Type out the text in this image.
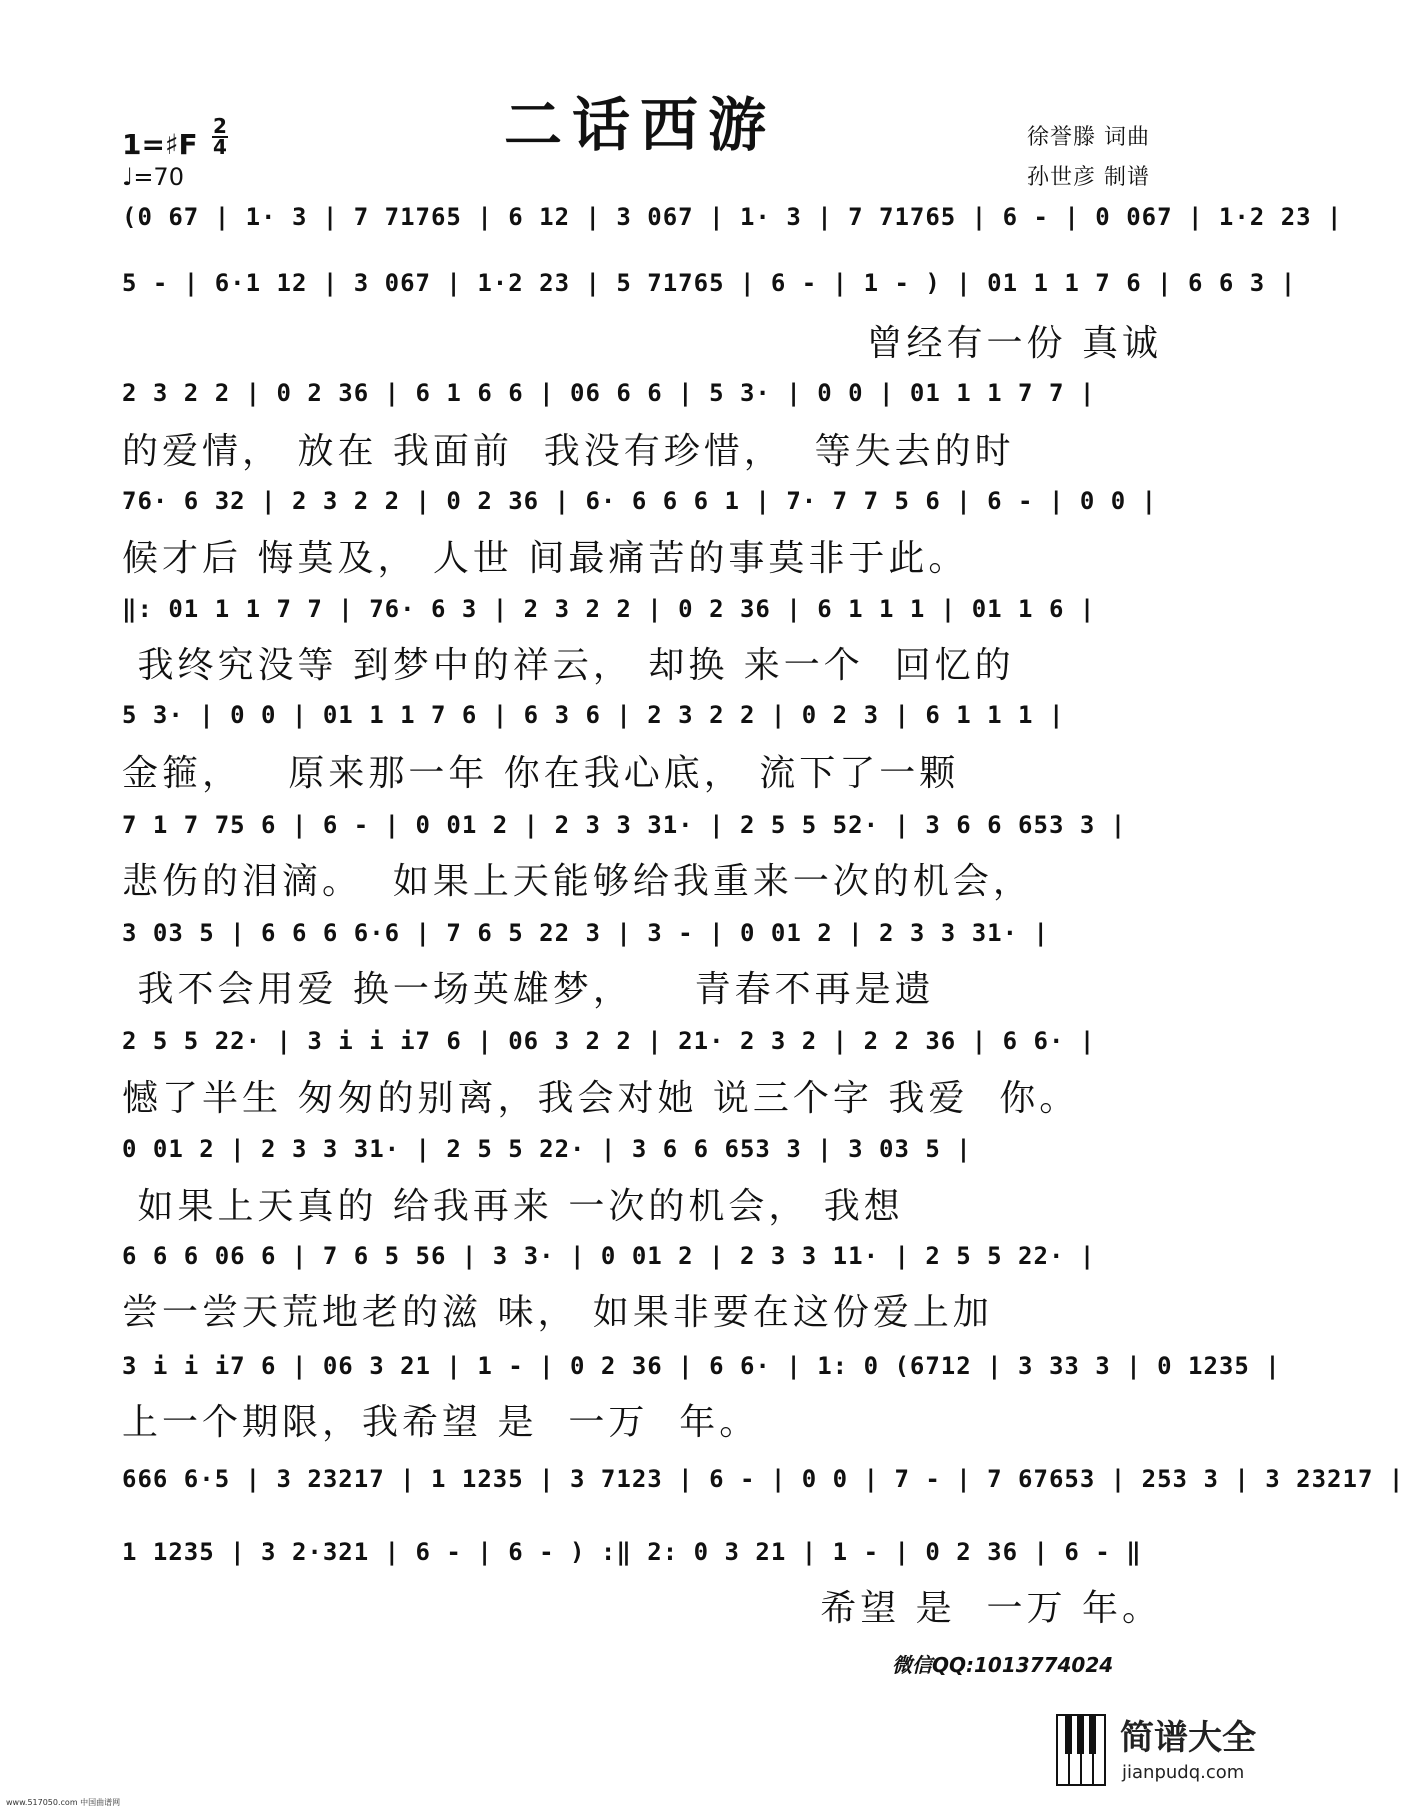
二话西游
1=♯F
2
4
♩=70
徐誉滕 词曲
孙世彦 制谱
(0 67 | 1· 3 | 7 71765 | 6 12 | 3 067 | 1· 3 | 7 71765 | 6 - | 0 067 | 1·2 23 |
5 - | 6·1 12 | 3 067 | 1·2 23 | 5 71765 | 6 - | 1 - ) | 01 1 1 7 6 | 6 6 3 |
曾经有一份 真诚
2 3 2 2 | 0 2 36 | 6 1 6 6 | 06 6 6 | 5 3· | 0 0 | 01 1 1 7 7 |
的爱情， 放在 我面前  我没有珍惜，  等失去的时
76· 6 32 | 2 3 2 2 | 0 2 36 | 6· 6 6 6 1 | 7· 7 7 5 6 | 6 - | 0 0 |
候才后 悔莫及， 人世 间最痛苦的事莫非于此。
‖: 01 1 1 7 7 | 76· 6 3 | 2 3 2 2 | 0 2 36 | 6 1 1 1 | 01 1 6 |
我终究没等 到梦中的祥云， 却换 来一个  回忆的
5 3· | 0 0 | 01 1 1 7 6 | 6 3 6 | 2 3 2 2 | 0 2 3 | 6 1 1 1 |
金箍，   原来那一年 你在我心底， 流下了一颗
7 1 7 75 6 | 6 - | 0 01 2 | 2 3 3 31· | 2 5 5 52· | 3 6 6 653 3 |
悲伤的泪滴。  如果上天能够给我重来一次的机会，
3 03 5 | 6 6 6 6·6 | 7 6 5 22 3 | 3 - | 0 01 2 | 2 3 3 31· |
我不会用爱 换一场英雄梦，    青春不再是遗
2 5 5 22· | 3 i i i7 6 | 06 3 2 2 | 21· 2 3 2 | 2 2 36 | 6 6· |
憾了半生 匆匆的别离，我会对她 说三个字 我爱  你。
0 01 2 | 2 3 3 31· | 2 5 5 22· | 3 6 6 653 3 | 3 03 5 |
如果上天真的 给我再来 一次的机会， 我想
6 6 6 06 6 | 7 6 5 56 | 3 3· | 0 01 2 | 2 3 3 11· | 2 5 5 22· |
尝一尝天荒地老的滋 味， 如果非要在这份爱上加
3 i i i7 6 | 06 3 21 | 1 - | 0 2 36 | 6 6· | 1: 0 (6712 | 3 33 3 | 0 1235 |
上一个期限，我希望 是  一万  年。
666 6·5 | 3 23217 | 1 1235 | 3 7123 | 6 - | 0 0 | 7 - | 7 67653 | 253 3 | 3 23217 |
1 1235 | 3 2·321 | 6 - | 6 - ) :‖ 2: 0 3 21 | 1 - | 0 2 36 | 6 - ‖
希望 是  一万 年。
微信QQ:1013774024
简谱大全
jianpudq.com
www.517050.com 中国曲谱网
